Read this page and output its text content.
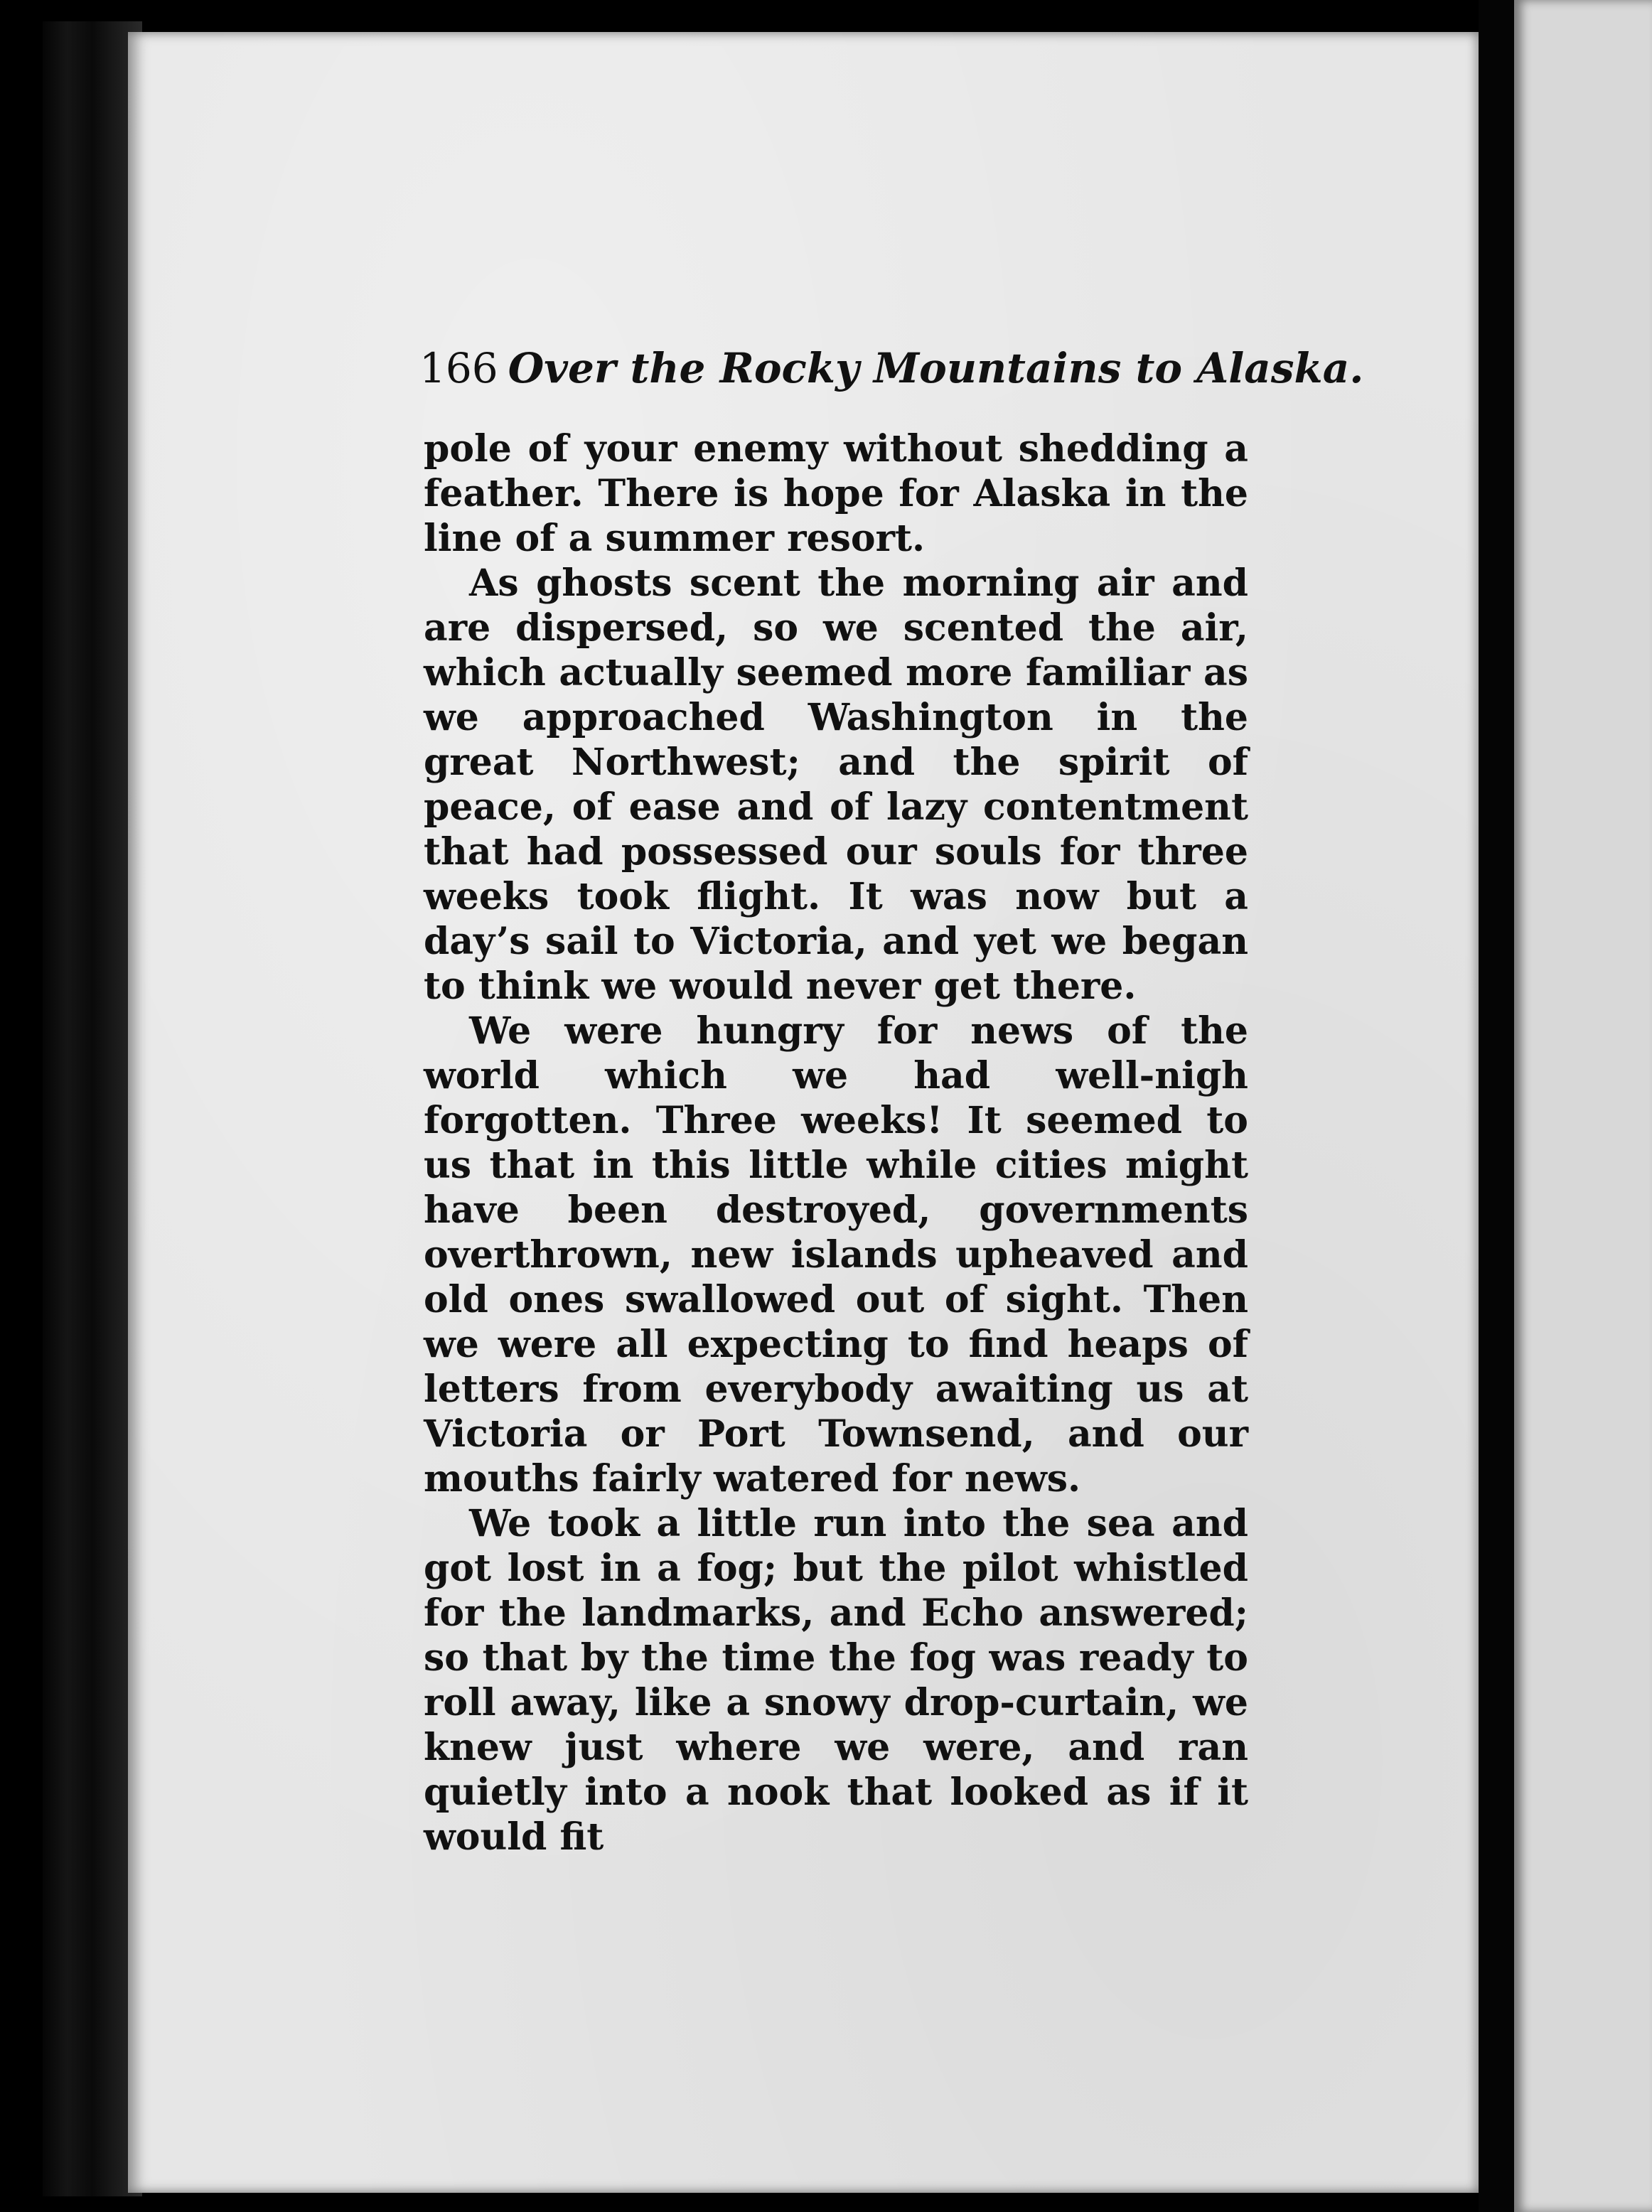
166 Over the Rocky Mountains to Alaska.

pole of your enemy without shedding a feather. There is hope for Alaska in the line of a summer resort.

As ghosts scent the morning air and are dispersed, so we scented the air, which actually seemed more familiar as we approached Washington in the great Northwest; and the spirit of peace, of ease and of lazy contentment that had possessed our souls for three weeks took flight. It was now but a day’s sail to Victoria, and yet we began to think we would never get there.

We were hungry for news of the world which we had well-nigh forgotten. Three weeks! It seemed to us that in this little while cities might have been destroyed, governments overthrown, new islands upheaved and old ones swallowed out of sight. Then we were all expecting to find heaps of letters from everybody awaiting us at Victoria or Port Townsend, and our mouths fairly watered for news.

We took a little run into the sea and got lost in a fog; but the pilot whistled for the landmarks, and Echo answered; so that by the time the fog was ready to roll away, like a snowy drop-curtain, we knew just where we were, and ran quietly into a nook that looked as if it would fit
